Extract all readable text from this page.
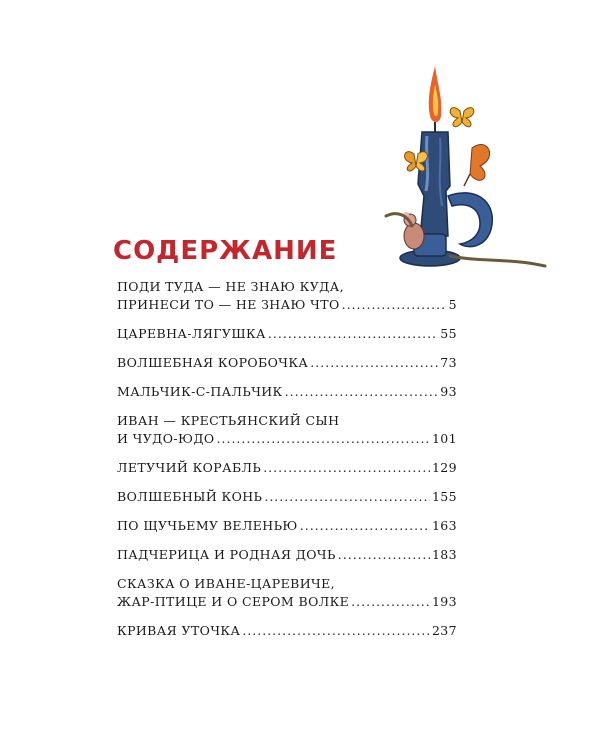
СОДЕРЖАНИЕ
ПОДИ ТУДА — НЕ ЗНАЮ КУДА,
ПРИНЕСИ ТО — НЕ ЗНАЮ ЧТО .....	5
ЦАРЕВНА-ЛЯГУШКА .....	55
ВОЛШЕБНАЯ КОРОБОЧКА .....	73
МАЛЬЧИК-С-ПАЛЬЧИК .....	93
ИВАН — КРЕСТЬЯНСКИЙ СЫН
И ЧУДО-ЮДО .....	101
ЛЕТУЧИЙ КОРАБЛЬ .....	129
ВОЛШЕБНЫЙ КОНЬ .....	155
ПО ЩУЧЬЕМУ ВЕЛЕНЬЮ .....	163
ПАДЧЕРИЦА И РОДНАЯ ДОЧЬ .....	183
СКАЗКА О ИВАНЕ-ЦАРЕВИЧЕ,
ЖАР-ПТИЦЕ И О СЕРОМ ВОЛКЕ .....	193
КРИВАЯ УТОЧКА .....	237
